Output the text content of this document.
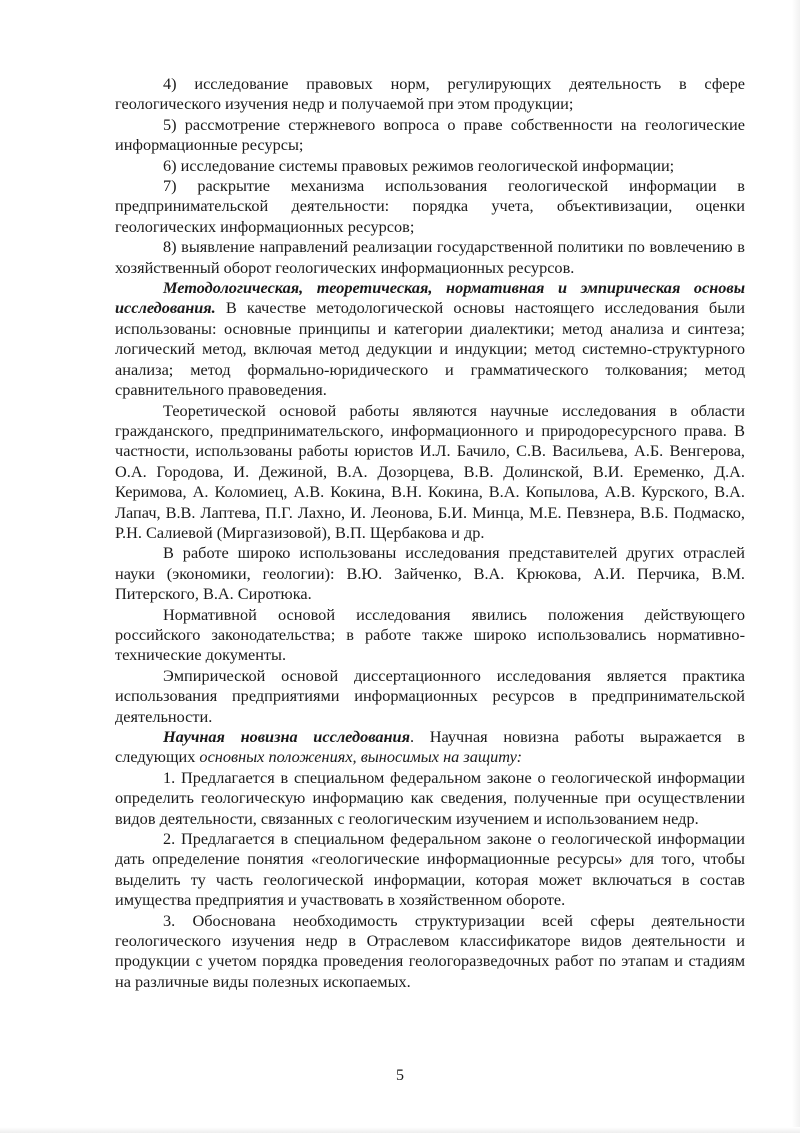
4) исследование правовых норм, регулирующих деятельность в сфере геологического изучения недр и получаемой при этом продукции;

5) рассмотрение стержневого вопроса о праве собственности на геологические информационные ресурсы;

6) исследование системы правовых режимов геологической информации;

7) раскрытие механизма использования геологической информации в предпринимательской деятельности: порядка учета, объективизации, оценки геологических информационных ресурсов;

8) выявление направлений реализации государственной политики по вовлечению в хозяйственный оборот геологических информационных ресурсов.

Методологическая, теоретическая, нормативная и эмпирическая основы исследования. В качестве методологической основы настоящего исследования были использованы: основные принципы и категории диалектики; метод анализа и синтеза; логический метод, включая метод дедукции и индукции; метод системно-структурного анализа; метод формально-юридического и грамматического толкования; метод сравнительного правоведения.

Теоретической основой работы являются научные исследования в области гражданского, предпринимательского, информационного и природоресурсного права. В частности, использованы работы юристов И.Л. Бачило, С.В. Васильева, А.Б. Венгерова, О.А. Городова, И. Дежиной, В.А. Дозорцева, В.В. Долинской, В.И. Еременко, Д.А. Керимова, А. Коломиец, А.В. Кокина, В.Н. Кокина, В.А. Копылова, А.В. Курского, В.А. Лапач, В.В. Лаптева, П.Г. Лахно, И. Леонова, Б.И. Минца, М.Е. Певзнера, В.Б. Подмаско, Р.Н. Салиевой (Миргазизовой), В.П. Щербакова и др.

В работе широко использованы исследования представителей других отраслей науки (экономики, геологии): В.Ю. Зайченко, В.А. Крюкова, А.И. Перчика, В.М. Питерского, В.А. Сиротюка.

Нормативной основой исследования явились положения действующего российского законодательства; в работе также широко использовались нормативно-технические документы.

Эмпирической основой диссертационного исследования является практика использования предприятиями информационных ресурсов в предпринимательской деятельности.

Научная новизна исследования. Научная новизна работы выражается в следующих основных положениях, выносимых на защиту:

1. Предлагается в специальном федеральном законе о геологической информации определить геологическую информацию как сведения, полученные при осуществлении видов деятельности, связанных с геологическим изучением и использованием недр.

2. Предлагается в специальном федеральном законе о геологической информации дать определение понятия «геологические информационные ресурсы» для того, чтобы выделить ту часть геологической информации, которая может включаться в состав имущества предприятия и участвовать в хозяйственном обороте.

3. Обоснована необходимость структуризации всей сферы деятельности геологического изучения недр в Отраслевом классификаторе видов деятельности и продукции с учетом порядка проведения геологоразведочных работ по этапам и стадиям на различные виды полезных ископаемых.

5
